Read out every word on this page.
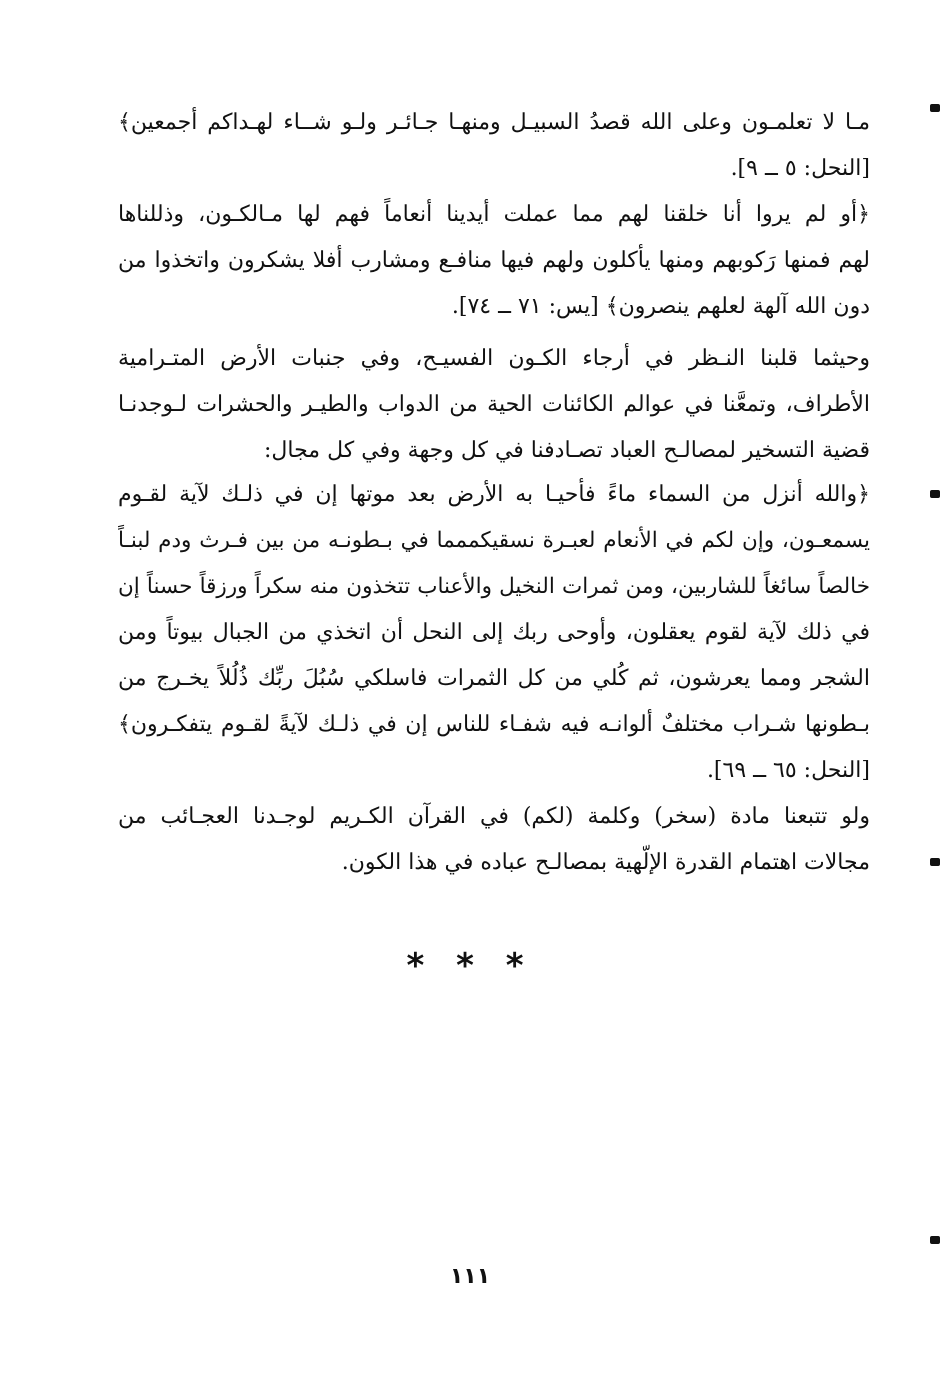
مـا لا تعلمـون وعلى الله قصدُ السبيـل ومنهـا جـائـر ولـو شــاء لهـداكم أجمعين﴾
[النحل: ٥ ــ ٩].
﴿أو لم يروا أنا خلقنا لهم مما عملت أيدينا أنعاماً فهم لها مـالكـون، وذللناها
لهم فمنها رَكوبهم ومنها يأكلون ولهم فيها منافـع ومشارب أفلا يشكرون واتخذوا من
دون الله آلهة لعلهم ينصرون﴾ [يس: ٧١ ــ ٧٤].
وحيثما قلبنا النـظر في أرجاء الكـون الفسيـح، وفي جنبات الأرض المتـرامية
الأطراف، وتمعَّنا في عوالم الكائنات الحية من الدواب والطيـر والحشرات لـوجدنـا
قضية التسخير لمصالـح العباد تصـادفنا في كل وجهة وفي كل مجال:
﴿والله أنزل من السماء ماءً فأحيـا به الأرض بعد موتها إن في ذلـك لآية لقـوم
يسمعـون، وإن لكم في الأنعام لعبـرة نسقيكممما في بـطونـه من بين فـرث ودم لبنـاً
خالصاً سائغاً للشاربين، ومن ثمرات النخيل والأعناب تتخذون منه سكراً ورزقاً حسناً إن
في ذلك لآية لقوم يعقلون، وأوحى ربك إلى النحل أن اتخذي من الجبال بيوتاً ومن
الشجر ومما يعرشون، ثم كُلي من كل الثمرات فاسلكي سُبُلَ ربِّك ذُلُلاً يخـرج من
بـطونها شـراب مختلفٌ ألوانـه فيه شفـاء للناس إن في ذلـك لآيةً لقـوم يتفكـرون﴾
[النحل: ٦٥ ــ ٦٩].
ولو تتبعنا مادة (سخر) وكلمة (لكم) في القرآن الكـريم لوجـدنا العجـائب من
مجالات اهتمام القدرة الإلّهية بمصالـح عباده في هذا الكون.
* * *
١١١
